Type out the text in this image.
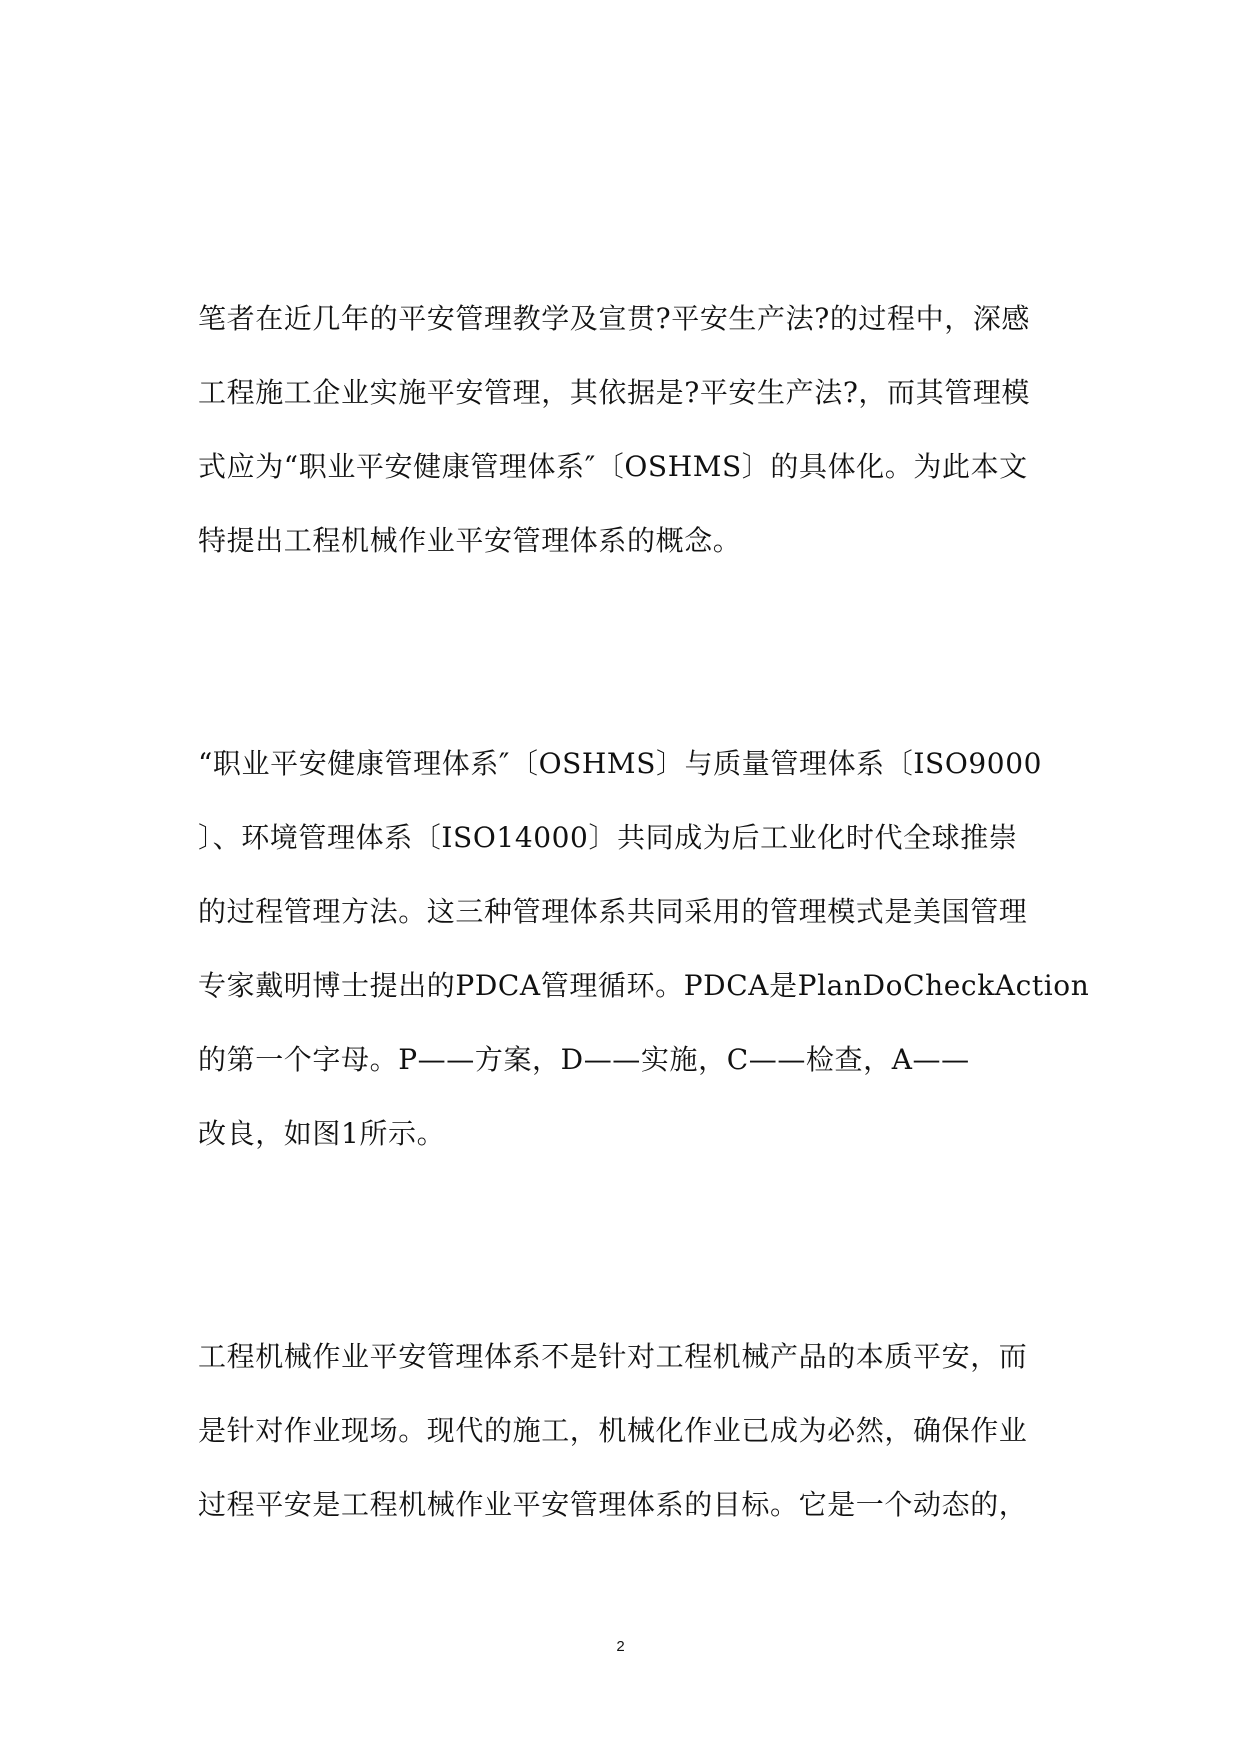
笔者在近几年的平安管理教学及宣贯?平安生产法?的过程中，深感
工程施工企业实施平安管理，其依据是?平安生产法?，而其管理模
式应为“职业平安健康管理体系″〔OSHMS〕的具体化。为此本文
特提出工程机械作业平安管理体系的概念。
“职业平安健康管理体系″〔OSHMS〕与质量管理体系〔ISO9000
〕、环境管理体系〔ISO14000〕共同成为后工业化时代全球推崇
的过程管理方法。这三种管理体系共同采用的管理模式是美国管理
专家戴明博士提出的PDCA管理循环。PDCA是PlanDoCheckAction
的第一个字母。P——方案，D——实施，C——检查，A——
改良，如图1所示。
工程机械作业平安管理体系不是针对工程机械产品的本质平安，而
是针对作业现场。现代的施工，机械化作业已成为必然，确保作业
过程平安是工程机械作业平安管理体系的目标。它是一个动态的，
2
